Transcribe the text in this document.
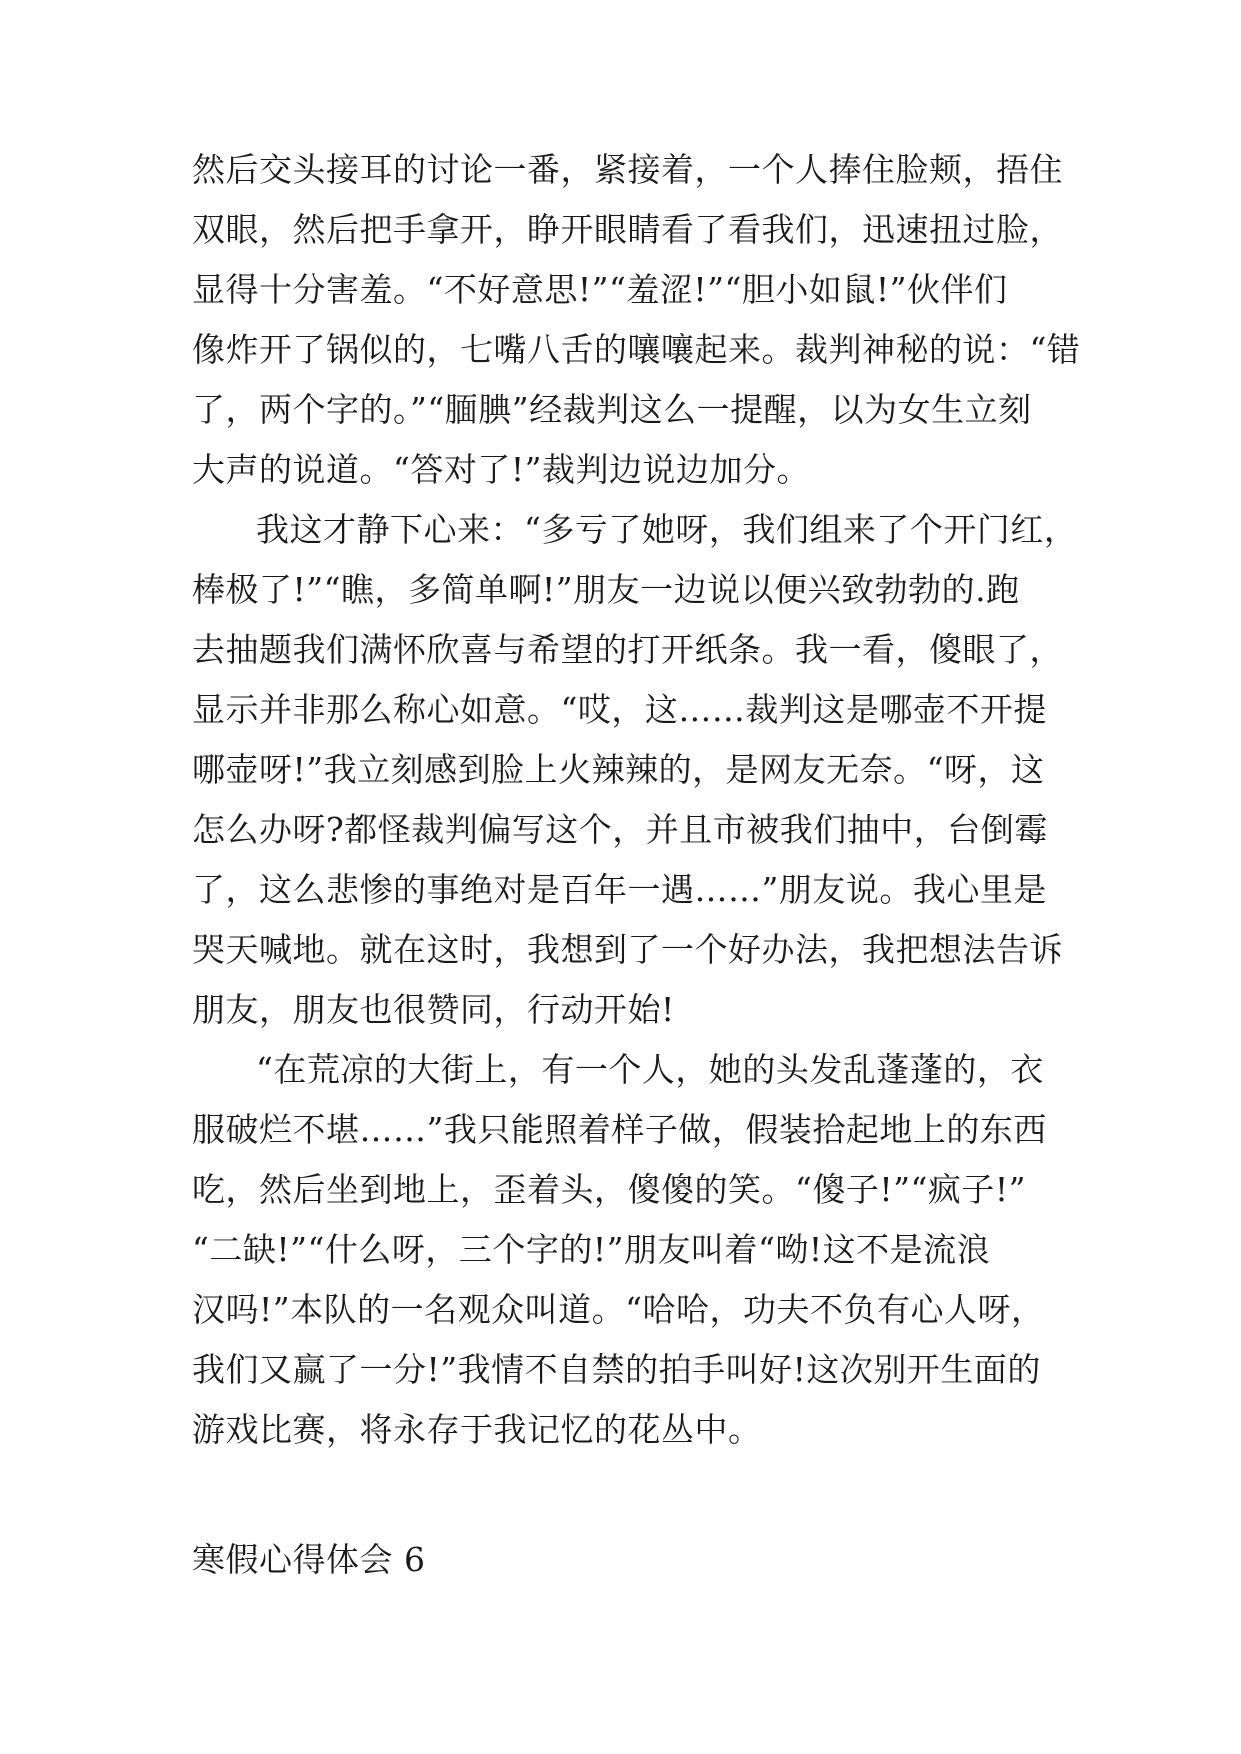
然后交头接耳的讨论一番，紧接着，一个人捧住脸颊，捂住
双眼，然后把手拿开，睁开眼睛看了看我们，迅速扭过脸，
显得十分害羞。“不好意思!”“羞涩!”“胆小如鼠!”伙伴们
像炸开了锅似的，七嘴八舌的嚷嚷起来。裁判神秘的说：“错
了，两个字的。”“腼腆”经裁判这么一提醒，以为女生立刻
大声的说道。“答对了!”裁判边说边加分。
我这才静下心来：“多亏了她呀，我们组来了个开门红，
棒极了!”“瞧，多简单啊!”朋友一边说以便兴致勃勃的.跑
去抽题我们满怀欣喜与希望的打开纸条。我一看，傻眼了，
显示并非那么称心如意。“哎，这……裁判这是哪壶不开提
哪壶呀!”我立刻感到脸上火辣辣的，是网友无奈。“呀，这
怎么办呀?都怪裁判偏写这个，并且市被我们抽中，台倒霉
了，这么悲惨的事绝对是百年一遇……”朋友说。我心里是
哭天喊地。就在这时，我想到了一个好办法，我把想法告诉
朋友，朋友也很赞同，行动开始!
“在荒凉的大街上，有一个人，她的头发乱蓬蓬的，衣
服破烂不堪……”我只能照着样子做，假装拾起地上的东西
吃，然后坐到地上，歪着头，傻傻的笑。“傻子!”“疯子!”
“二缺!”“什么呀，三个字的!”朋友叫着“呦!这不是流浪
汉吗!”本队的一名观众叫道。“哈哈，功夫不负有心人呀，
我们又赢了一分!”我情不自禁的拍手叫好!这次别开生面的
游戏比赛，将永存于我记忆的花丛中。
寒假心得体会 6
